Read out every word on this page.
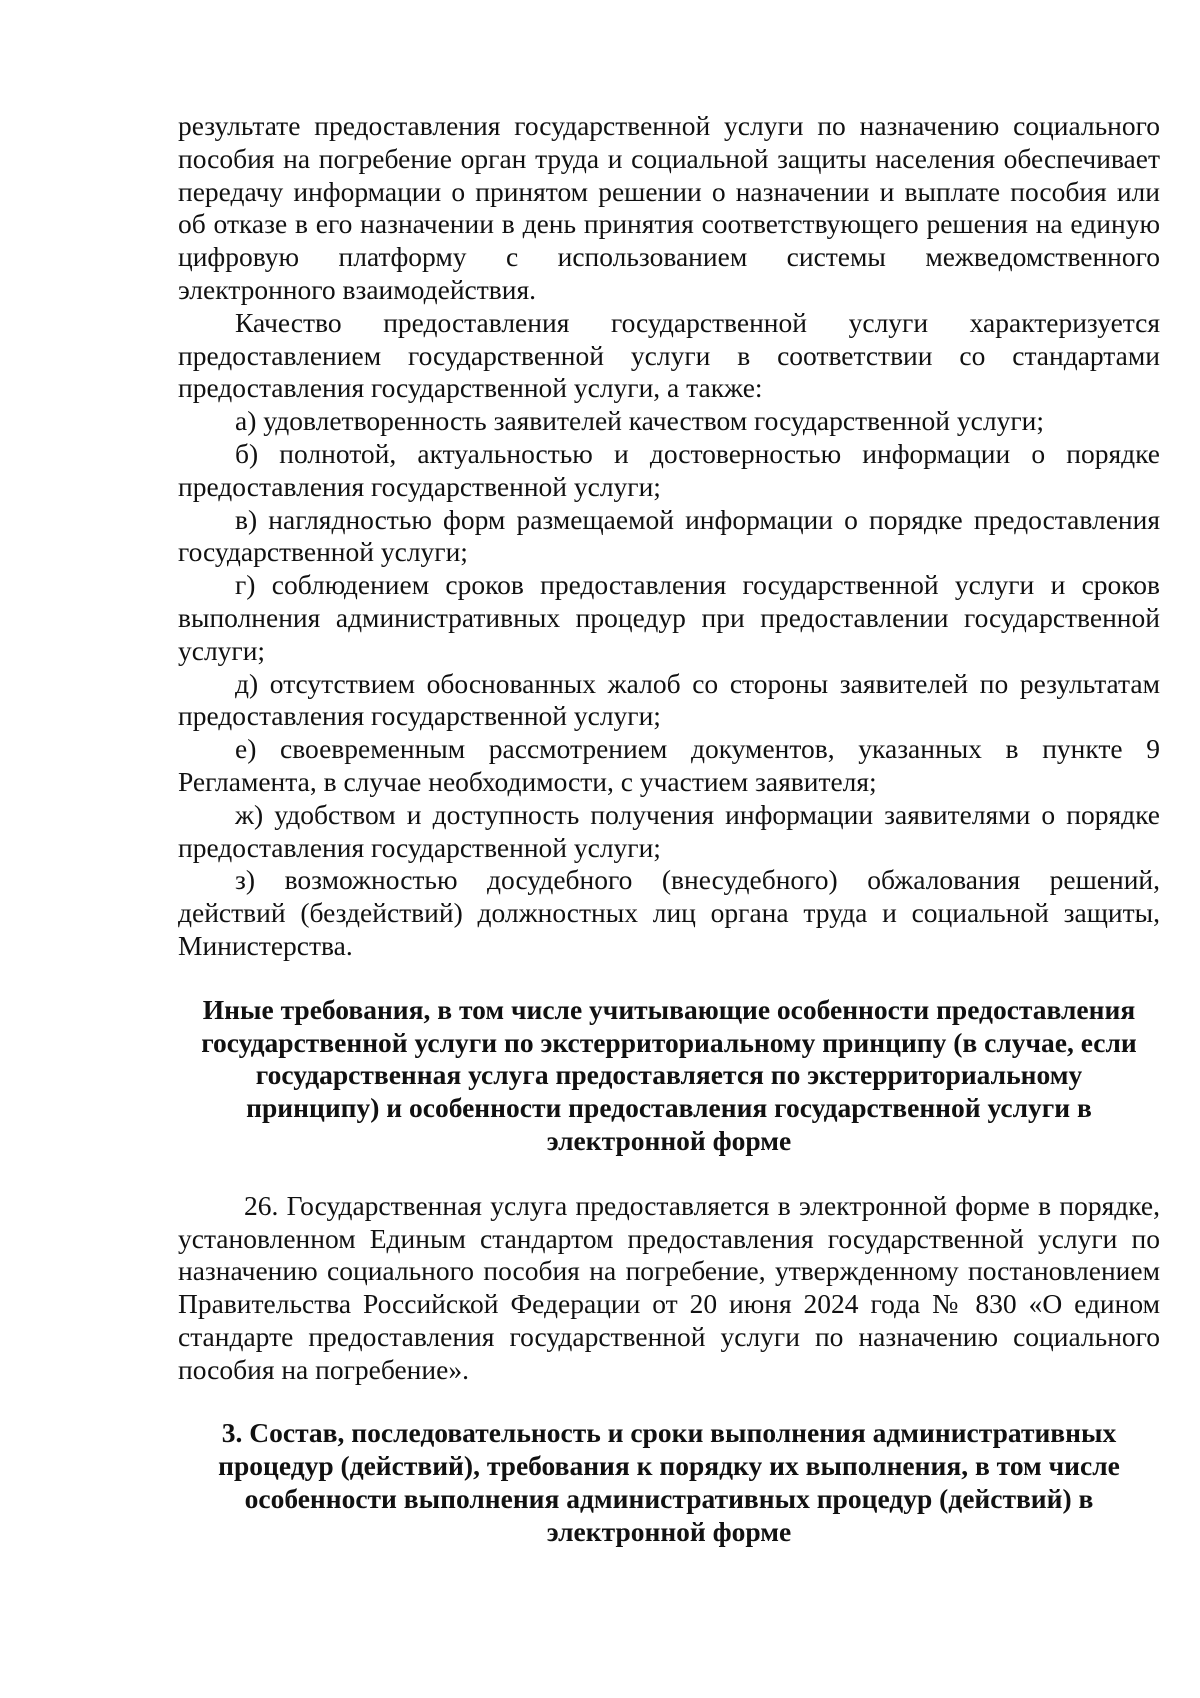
результате предоставления государственной услуги по назначению социального пособия на погребение орган труда и социальной защиты населения обеспечивает передачу информации о принятом решении о назначении и выплате пособия или об отказе в его назначении в день принятия соответствующего решения на единую цифровую платформу с использованием системы межведомственного электронного взаимодействия.

Качество предоставления государственной услуги характеризуется предоставлением государственной услуги в соответствии со стандартами предоставления государственной услуги, а также:

а) удовлетворенность заявителей качеством государственной услуги;

б) полнотой, актуальностью и достоверностью информации о порядке предоставления государственной услуги;

в) наглядностью форм размещаемой информации о порядке предоставления государственной услуги;

г) соблюдением сроков предоставления государственной услуги и сроков выполнения административных процедур при предоставлении государственной услуги;

д) отсутствием обоснованных жалоб со стороны заявителей по результатам предоставления государственной услуги;

е) своевременным рассмотрением документов, указанных в пункте 9 Регламента, в случае необходимости, с участием заявителя;

ж) удобством и доступность получения информации заявителями о порядке предоставления государственной услуги;

з) возможностью досудебного (внесудебного) обжалования решений, действий (бездействий) должностных лиц органа труда и социальной защиты, Министерства.

Иные требования, в том числе учитывающие особенности предоставления
государственной услуги по экстерриториальному принципу (в случае, если
государственная услуга предоставляется по экстерриториальному
принципу) и особенности предоставления государственной услуги в
электронной форме

26. Государственная услуга предоставляется в электронной форме в порядке, установленном Единым стандартом предоставления государственной услуги по назначению социального пособия на погребение, утвержденному постановлением Правительства Российской Федерации от 20 июня 2024 года № 830 «О едином стандарте предоставления государственной услуги по назначению социального пособия на погребение».

3. Состав, последовательность и сроки выполнения административных
процедур (действий), требования к порядку их выполнения, в том числе
особенности выполнения административных процедур (действий) в
электронной форме
